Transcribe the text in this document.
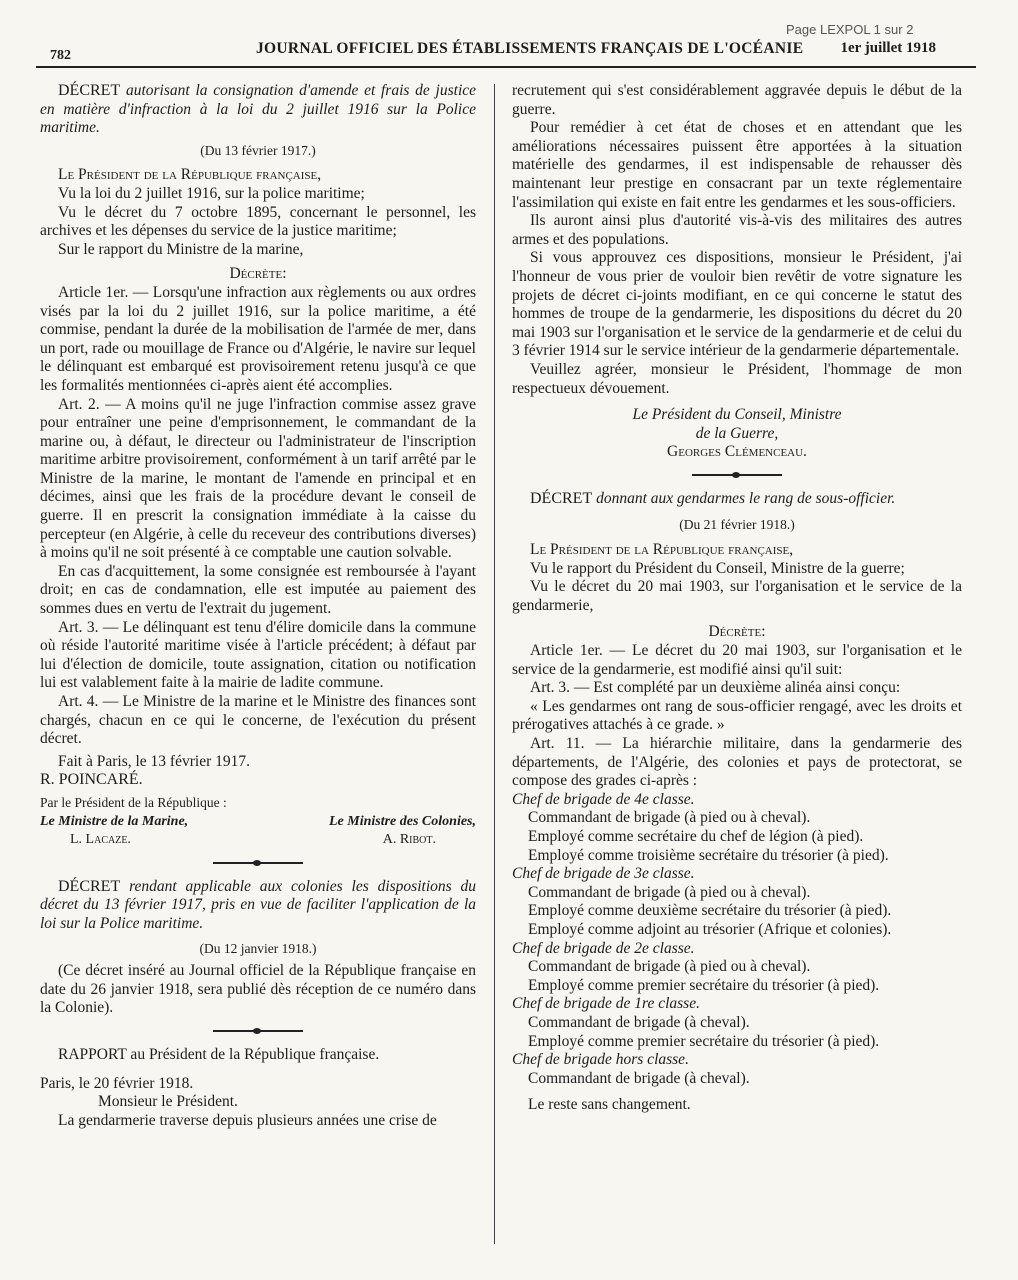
Page LEXPOL 1 sur 2
782	JOURNAL OFFICIEL DES ÉTABLISSEMENTS FRANÇAIS DE L'OCÉANIE 1er juillet 1918

DÉCRET autorisant la consignation d'amende et frais de justice en matière d'infraction à la loi du 2 juillet 1916 sur la Police maritime.

(Du 13 février 1917.)

Le Président de la République française,

Vu la loi du 2 juillet 1916, sur la police maritime;

Vu le décret du 7 octobre 1895, concernant le personnel, les archives et les dépenses du service de la justice maritime;

Sur le rapport du Ministre de la marine,

Décrète:

Article 1er. — Lorsqu'une infraction aux règlements ou aux ordres visés par la loi du 2 juillet 1916, sur la police maritime, a été commise, pendant la durée de la mobilisation de l'armée de mer, dans un port, rade ou mouillage de France ou d'Algérie, le navire sur lequel le délinquant est embarqué est provisoirement retenu jusqu'à ce que les formalités mentionnées ci-après aient été accomplies.

Art. 2. — A moins qu'il ne juge l'infraction commise assez grave pour entraîner une peine d'emprisonnement, le commandant de la marine ou, à défaut, le directeur ou l'administrateur de l'inscription maritime arbitre provisoirement, conformément à un tarif arrêté par le Ministre de la marine, le montant de l'amende en principal et en décimes, ainsi que les frais de la procédure devant le conseil de guerre. Il en prescrit la consignation immédiate à la caisse du percepteur (en Algérie, à celle du receveur des contributions diverses) à moins qu'il ne soit présenté à ce comptable une caution solvable.

En cas d'acquittement, la some consignée est remboursée à l'ayant droit; en cas de condamnation, elle est imputée au paiement des sommes dues en vertu de l'extrait du jugement.

Art. 3. — Le délinquant est tenu d'élire domicile dans la commune où réside l'autorité maritime visée à l'article précédent; à défaut par lui d'élection de domicile, toute assignation, citation ou notification lui est valablement faite à la mairie de ladite commune.

Art. 4. — Le Ministre de la marine et le Ministre des finances sont chargés, chacun en ce qui le concerne, de l'exécution du présent décret.

Fait à Paris, le 13 février 1917.

R. POINCARÉ.

Par le Président de la République :

Le Ministre de la Marine,	Le Ministre des Colonies,
L. Lacaze.	A. Ribot.

DÉCRET rendant applicable aux colonies les dispositions du décret du 13 février 1917, pris en vue de faciliter l'application de la loi sur la Police maritime.

(Du 12 janvier 1918.)

(Ce décret inséré au Journal officiel de la République française en date du 26 janvier 1918, sera publié dès réception de ce numéro dans la Colonie).

RAPPORT au Président de la République française.

Paris, le 20 février 1918.

Monsieur le Président.

La gendarmerie traverse depuis plusieurs années une crise de

recrutement qui s'est considérablement aggravée depuis le début de la guerre.

Pour remédier à cet état de choses et en attendant que les améliorations nécessaires puissent être apportées à la situation matérielle des gendarmes, il est indispensable de rehausser dès maintenant leur prestige en consacrant par un texte réglementaire l'assimilation qui existe en fait entre les gendarmes et les sous-officiers.

Ils auront ainsi plus d'autorité vis-à-vis des militaires des autres armes et des populations.

Si vous approuvez ces dispositions, monsieur le Président, j'ai l'honneur de vous prier de vouloir bien revêtir de votre signature les projets de décret ci-joints modifiant, en ce qui concerne le statut des hommes de troupe de la gendarmerie, les dispositions du décret du 20 mai 1903 sur l'organisation et le service de la gendarmerie et de celui du 3 février 1914 sur le service intérieur de la gendarmerie départementale.

Veuillez agréer, monsieur le Président, l'hommage de mon respectueux dévouement.

Le Président du Conseil, Ministre

de la Guerre,

Georges Clémenceau.

DÉCRET donnant aux gendarmes le rang de sous-officier.

(Du 21 février 1918.)

Le Président de la République française,

Vu le rapport du Président du Conseil, Ministre de la guerre;

Vu le décret du 20 mai 1903, sur l'organisation et le service de la gendarmerie,

Décrète:

Article 1er. — Le décret du 20 mai 1903, sur l'organisation et le service de la gendarmerie, est modifié ainsi qu'il suit:

Art. 3. — Est complété par un deuxième alinéa ainsi conçu:

« Les gendarmes ont rang de sous-officier rengagé, avec les droits et prérogatives attachés à ce grade. »

Art. 11. — La hiérarchie militaire, dans la gendarmerie des départements, de l'Algérie, des colonies et pays de protectorat, se compose des grades ci-après :

Chef de brigade de 4e classe.

Commandant de brigade (à pied ou à cheval).

Employé comme secrétaire du chef de légion (à pied).

Employé comme troisième secrétaire du trésorier (à pied).

Chef de brigade de 3e classe.

Commandant de brigade (à pied ou à cheval).

Employé comme deuxième secrétaire du trésorier (à pied).

Employé comme adjoint au trésorier (Afrique et colonies).

Chef de brigade de 2e classe.

Commandant de brigade (à pied ou à cheval).

Employé comme premier secrétaire du trésorier (à pied).

Chef de brigade de 1re classe.

Commandant de brigade (à cheval).

Employé comme premier secrétaire du trésorier (à pied).

Chef de brigade hors classe.

Commandant de brigade (à cheval).

Le reste sans changement.
